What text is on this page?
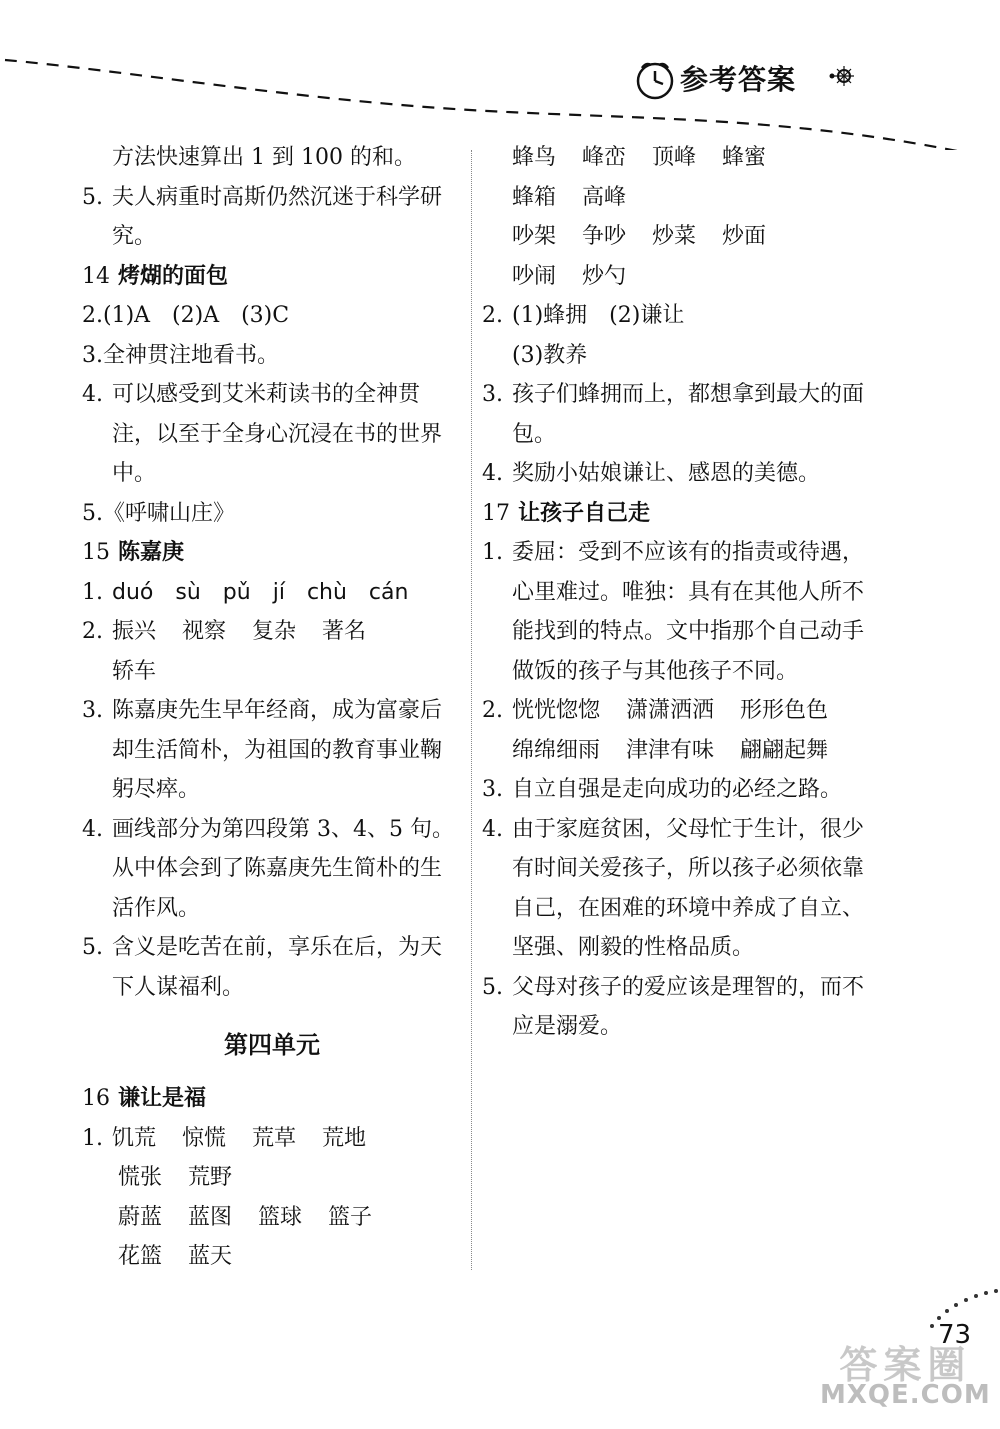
参考答案
方法快速算出 1 到 100 的和。
5. 夫人病重时高斯仍然沉迷于科学研究。
14 烤煳的面包
2.(1)A　(2)A　(3)C
3.全神贯注地看书。
4. 可以感受到艾米莉读书的全神贯注，以至于全身心沉浸在书的世界中。
5.《呼啸山庄》
15 陈嘉庚
1. duó sù pǔ jí chù cán
2. 振兴 视察 复杂 著名
轿车
3. 陈嘉庚先生早年经商，成为富豪后却生活简朴，为祖国的教育事业鞠躬尽瘁。
4. 画线部分为第四段第 3、4、5 句。从中体会到了陈嘉庚先生简朴的生活作风。
5. 含义是吃苦在前，享乐在后，为天下人谋福利。
第四单元
16 谦让是福
1. 饥荒 惊慌 荒草 荒地
慌张 荒野
蔚蓝 蓝图 篮球 篮子
花篮 蓝天
蜂鸟 峰峦 顶峰 蜂蜜
蜂箱 高峰
吵架 争吵 炒菜 炒面
吵闹 炒勺
2. (1)蜂拥　(2)谦让
(3)教养
3. 孩子们蜂拥而上，都想拿到最大的面包。
4. 奖励小姑娘谦让、感恩的美德。
17 让孩子自己走
1. 委屈：受到不应该有的指责或待遇，心里难过。唯独：具有在其他人所不能找到的特点。文中指那个自己动手做饭的孩子与其他孩子不同。
2. 恍恍惚惚 潇潇洒洒 形形色色
绵绵细雨 津津有味 翩翩起舞
3. 自立自强是走向成功的必经之路。
4. 由于家庭贫困，父母忙于生计，很少有时间关爱孩子，所以孩子必须依靠自己，在困难的环境中养成了自立、坚强、刚毅的性格品质。
5. 父母对孩子的爱应该是理智的，而不应是溺爱。
73
答案圈
MXQE.COM
